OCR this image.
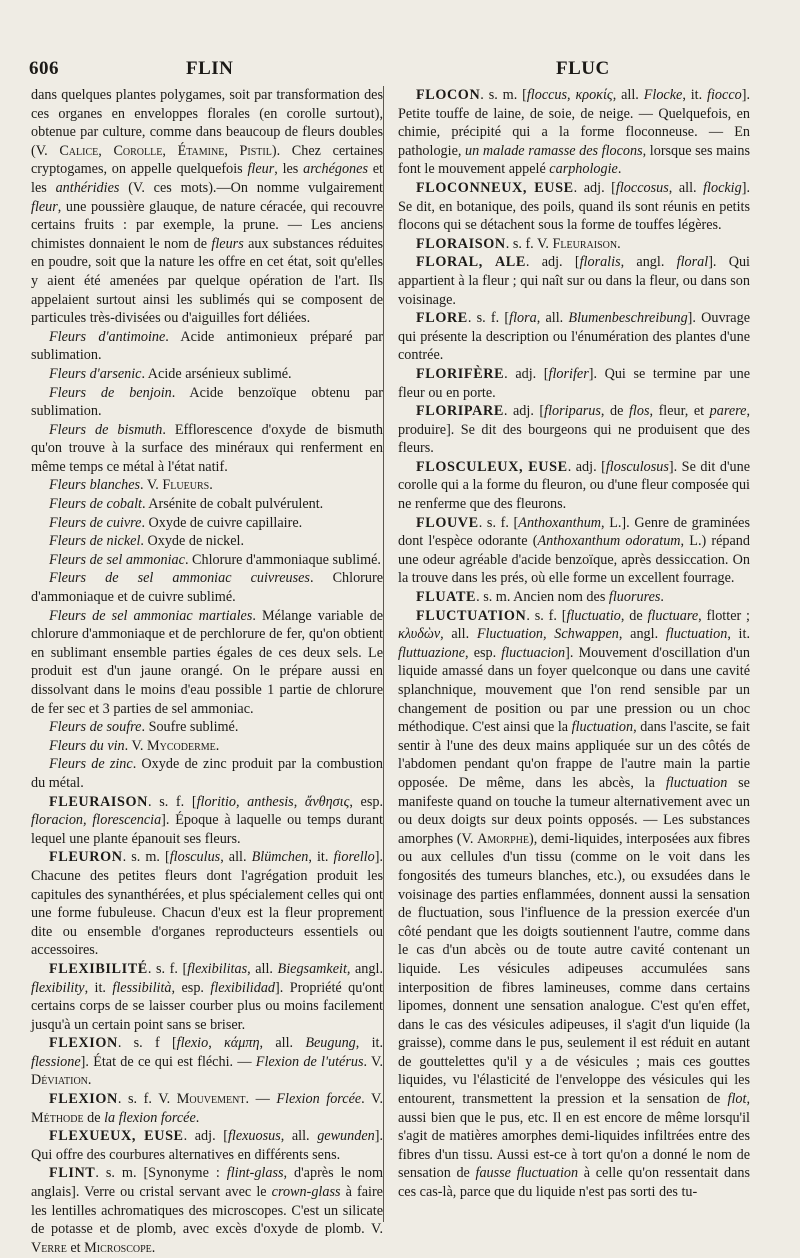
606	FLIN	FLUC

dans quelques plantes polygames, soit par transformation des ces organes en enveloppes florales (en corolle surtout), obtenue par culture, comme dans beaucoup de fleurs doubles (V. Calice, Corolle, Étamine, Pistil). Chez certaines cryptogames, on appelle quelquefois fleur, les archégones et les anthéridies (V. ces mots).—On nomme vulgairement fleur, une poussière glauque, de nature céracée, qui recouvre certains fruits : par exemple, la prune. — Les anciens chimistes donnaient le nom de fleurs aux substances réduites en poudre, soit que la nature les offre en cet état, soit qu'elles y aient été amenées par quelque opération de l'art. Ils appelaient surtout ainsi les sublimés qui se composent de particules très-divisées ou d'aiguilles fort déliées.

Fleurs d'antimoine. Acide antimonieux préparé par sublimation.

Fleurs d'arsenic. Acide arsénieux sublimé.

Fleurs de benjoin. Acide benzoïque obtenu par sublimation.

Fleurs de bismuth. Efflorescence d'oxyde de bismuth qu'on trouve à la surface des minéraux qui renferment en même temps ce métal à l'état natif.

Fleurs blanches. V. Flueurs.

Fleurs de cobalt. Arsénite de cobalt pulvérulent.

Fleurs de cuivre. Oxyde de cuivre capillaire.

Fleurs de nickel. Oxyde de nickel.

Fleurs de sel ammoniac. Chlorure d'ammoniaque sublimé.

Fleurs de sel ammoniac cuivreuses. Chlorure d'ammoniaque et de cuivre sublimé.

Fleurs de sel ammoniac martiales. Mélange variable de chlorure d'ammoniaque et de perchlorure de fer, qu'on obtient en sublimant ensemble parties égales de ces deux sels. Le produit est d'un jaune orangé. On le prépare aussi en dissolvant dans le moins d'eau possible 1 partie de chlorure de fer sec et 3 parties de sel ammoniac.

Fleurs de soufre. Soufre sublimé.

Fleurs du vin. V. Mycoderme.

Fleurs de zinc. Oxyde de zinc produit par la combustion du métal.

FLEURAISON. s. f. [floritio, anthesis, ἄνθησις, esp. floracion, florescencia]. Époque à laquelle ou temps durant lequel une plante épanouit ses fleurs.

FLEURON. s. m. [flosculus, all. Blümchen, it. fiorello]. Chacune des petites fleurs dont l'agrégation produit les capitules des synanthérées, et plus spécialement celles qui ont une forme fubuleuse. Chacun d'eux est la fleur proprement dite ou ensemble d'organes reproducteurs essentiels ou accessoires.

FLEXIBILITÉ. s. f. [flexibilitas, all. Biegsamkeit, angl. flexibility, it. flessibilità, esp. flexibilidad]. Propriété qu'ont certains corps de se laisser courber plus ou moins facilement jusqu'à un certain point sans se briser.

FLEXION. s. f [flexio, κάμπη, all. Beugung, it. flessione]. État de ce qui est fléchi. — Flexion de l'utérus. V. Déviation.

FLEXION. s. f. V. Mouvement. — Flexion forcée. V. Méthode de la flexion forcée.

FLEXUEUX, EUSE. adj. [flexuosus, all. gewunden]. Qui offre des courbures alternatives en différents sens.

FLINT. s. m. [Synonyme : flint-glass, d'après le nom anglais]. Verre ou cristal servant avec le crown-glass à faire les lentilles achromatiques des microscopes. C'est un silicate de potasse et de plomb, avec excès d'oxyde de plomb. V. Verre et Microscope.

FLOCON. s. m. [floccus, κροκίς, all. Flocke, it. fiocco]. Petite touffe de laine, de soie, de neige. — Quelquefois, en chimie, précipité qui a la forme floconneuse. — En pathologie, un malade ramasse des flocons, lorsque ses mains font le mouvement appelé carphologie.

FLOCONNEUX, EUSE. adj. [floccosus, all. flockig]. Se dit, en botanique, des poils, quand ils sont réunis en petits flocons qui se détachent sous la forme de touffes légères.

FLORAISON. s. f. V. Fleuraison.

FLORAL, ALE. adj. [floralis, angl. floral]. Qui appartient à la fleur ; qui naît sur ou dans la fleur, ou dans son voisinage.

FLORE. s. f. [flora, all. Blumenbeschreibung]. Ouvrage qui présente la description ou l'énumération des plantes d'une contrée.

FLORIFÈRE. adj. [florifer]. Qui se termine par une fleur ou en porte.

FLORIPARE. adj. [floriparus, de flos, fleur, et parere, produire]. Se dit des bourgeons qui ne produisent que des fleurs.

FLOSCULEUX, EUSE. adj. [flosculosus]. Se dit d'une corolle qui a la forme du fleuron, ou d'une fleur composée qui ne renferme que des fleurons.

FLOUVE. s. f. [Anthoxanthum, L.]. Genre de graminées dont l'espèce odorante (Anthoxanthum odoratum, L.) répand une odeur agréable d'acide benzoïque, après dessiccation. On la trouve dans les prés, où elle forme un excellent fourrage.

FLUATE. s. m. Ancien nom des fluorures.

FLUCTUATION. s. f. [fluctuatio, de fluctuare, flotter ; κλυδὼν, all. Fluctuation, Schwappen, angl. fluctuation, it. fluttuazione, esp. fluctuacion]. Mouvement d'oscillation d'un liquide amassé dans un foyer quelconque ou dans une cavité splanchnique, mouvement que l'on rend sensible par un changement de position ou par une pression ou un choc méthodique. C'est ainsi que la fluctuation, dans l'ascite, se fait sentir à l'une des deux mains appliquée sur un des côtés de l'abdomen pendant qu'on frappe de l'autre main la partie opposée. De même, dans les abcès, la fluctuation se manifeste quand on touche la tumeur alternativement avec un ou deux doigts sur deux points opposés. — Les substances amorphes (V. Amorphe), demi-liquides, interposées aux fibres ou aux cellules d'un tissu (comme on le voit dans les fongosités des tumeurs blanches, etc.), ou exsudées dans le voisinage des parties enflammées, donnent aussi la sensation de fluctuation, sous l'influence de la pression exercée d'un côté pendant que les doigts soutiennent l'autre, comme dans le cas d'un abcès ou de toute autre cavité contenant un liquide. Les vésicules adipeuses accumulées sans interposition de fibres lamineuses, comme dans certains lipomes, donnent une sensation analogue. C'est qu'en effet, dans le cas des vésicules adipeuses, il s'agit d'un liquide (la graisse), comme dans le pus, seulement il est réduit en autant de gouttelettes qu'il y a de vésicules ; mais ces gouttes liquides, vu l'élasticité de l'enveloppe des vésicules qui les entourent, transmettent la pression et la sensation de flot, aussi bien que le pus, etc. Il en est encore de même lorsqu'il s'agit de matières amorphes demi-liquides infiltrées entre des fibres d'un tissu. Aussi est-ce à tort qu'on a donné le nom de sensation de fausse fluctuation à celle qu'on ressentait dans ces cas-là, parce que du liquide n'est pas sorti des tu-
